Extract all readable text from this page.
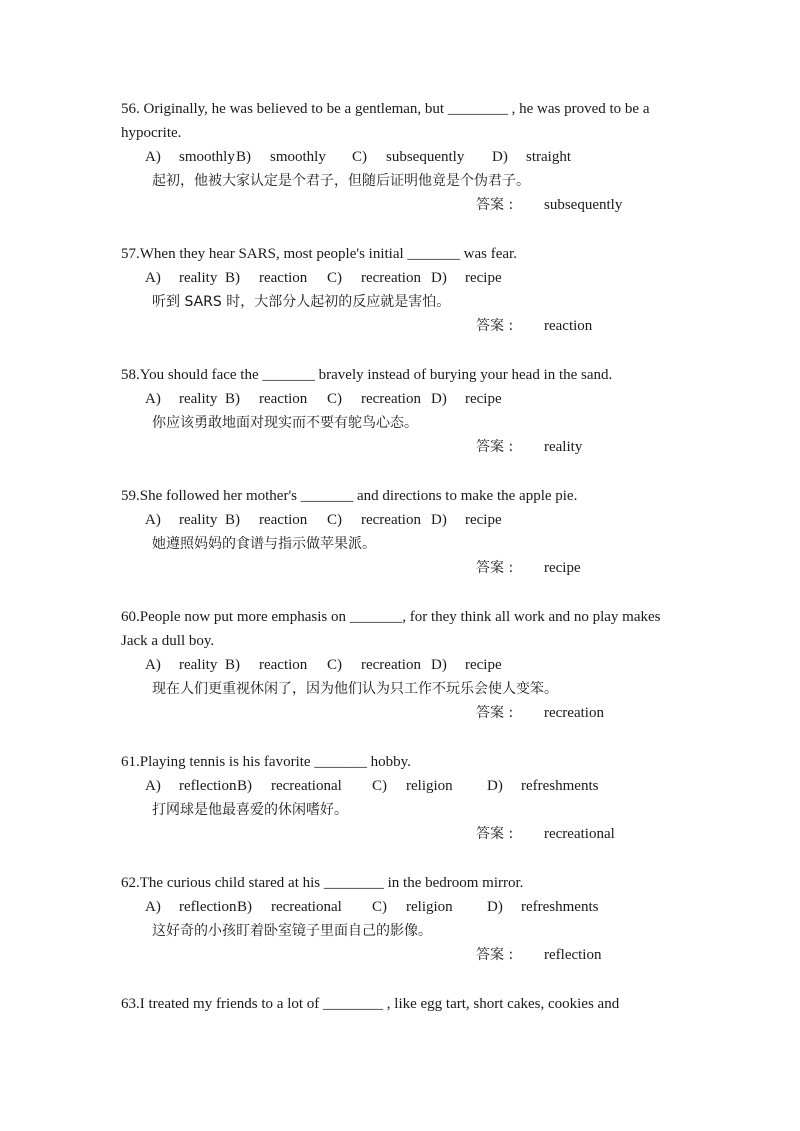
56. Originally, he was believed to be a gentleman, but ________ , he was proved to be a hypocrite.
A) smoothlyB) smoothly C) subsequently D) straight
起初，他被大家认定是个君子，但随后证明他竟是个伪君子。
答案 : subsequently
57.When they hear SARS, most people's initial _______ was fear.
A) reality B) reaction C) recreation D) recipe
听到 SARS 时，大部分人起初的反应就是害怕。
答案 : reaction
58.You should face the _______ bravely instead of burying your head in the sand.
A) reality B) reaction C) recreation D) recipe
你应该勇敢地面对现实而不要有鸵鸟心态。
答案 : reality
59.She followed her mother's _______ and directions to make the apple pie.
A) reality B) reaction C) recreation D) recipe
她遵照妈妈的食谱与指示做苹果派。
答案 : recipe
60.People now put more emphasis on _______, for they think all work and no play makes Jack a dull boy.
A) reality B) reaction C) recreation D) recipe
现在人们更重视休闲了，因为他们认为只工作不玩乐会使人变笨。
答案 : recreation
61.Playing tennis is his favorite _______ hobby.
A) reflectionB) recreational C) religion D) refreshments
打网球是他最喜爱的休闲嗜好。
答案 : recreational
62.The curious child stared at his ________ in the bedroom mirror.
A) reflectionB) recreational C) religion D) refreshments
这好奇的小孩盯着卧室镜子里面自己的影像。
答案 : reflection
63.I treated my friends to a lot of ________ , like egg tart, short cakes, cookies and
